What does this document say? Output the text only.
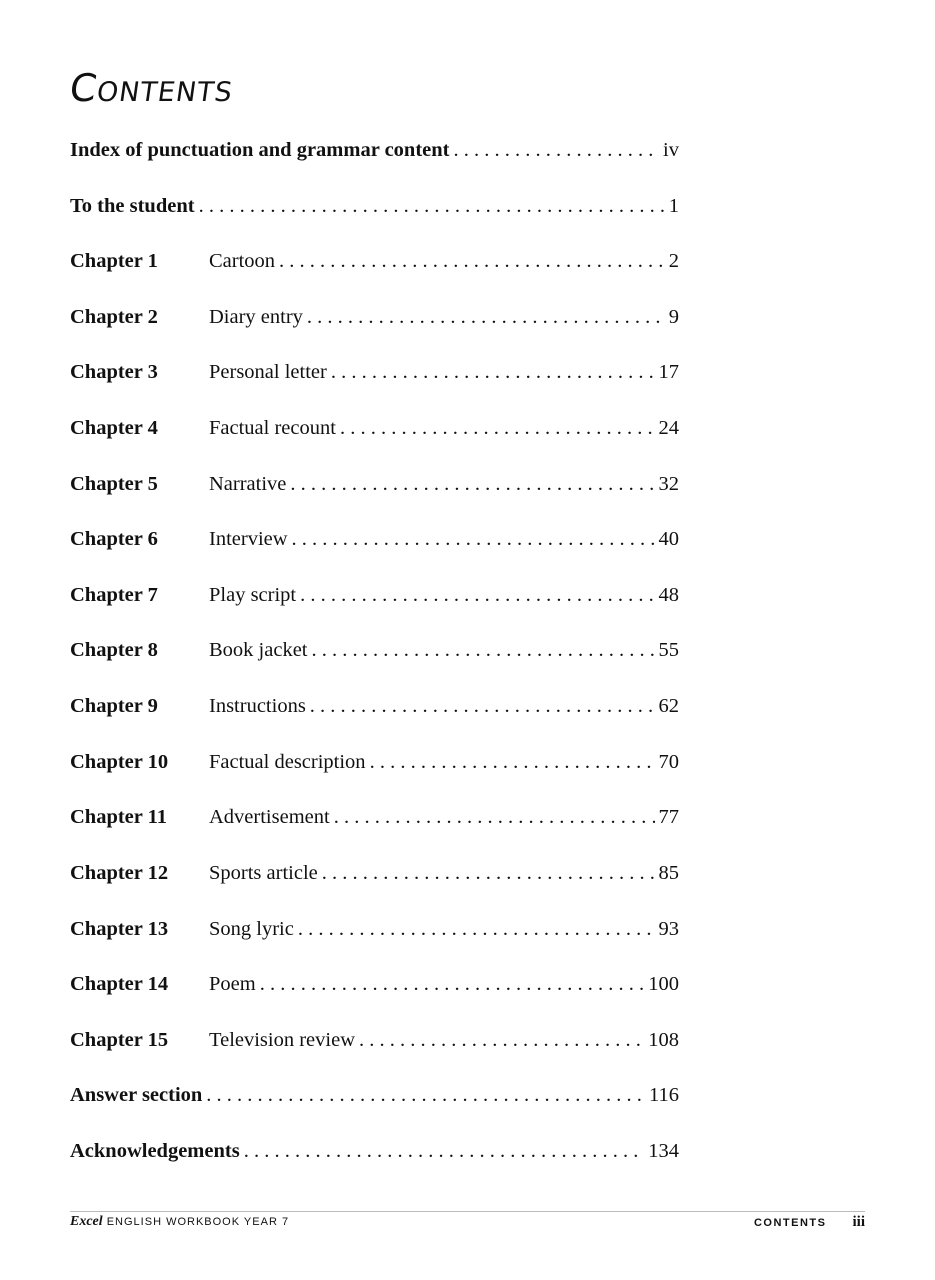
Contents
Index of punctuation and grammar content . . .	iv
To the student . . .	1
Chapter 1	Cartoon . . .	2
Chapter 2	Diary entry . . .	9
Chapter 3	Personal letter . . .	17
Chapter 4	Factual recount . . .	24
Chapter 5	Narrative . . .	32
Chapter 6	Interview . . .	40
Chapter 7	Play script . . .	48
Chapter 8	Book jacket . . .	55
Chapter 9	Instructions . . .	62
Chapter 10	Factual description . . .	70
Chapter 11	Advertisement . . .	77
Chapter 12	Sports article . . .	85
Chapter 13	Song lyric . . .	93
Chapter 14	Poem . . .	100
Chapter 15	Television review . . .	108
Answer section . . .	116
Acknowledgements . . .	134
Excel ENGLISH WORKBOOK YEAR 7	CONTENTS iii
